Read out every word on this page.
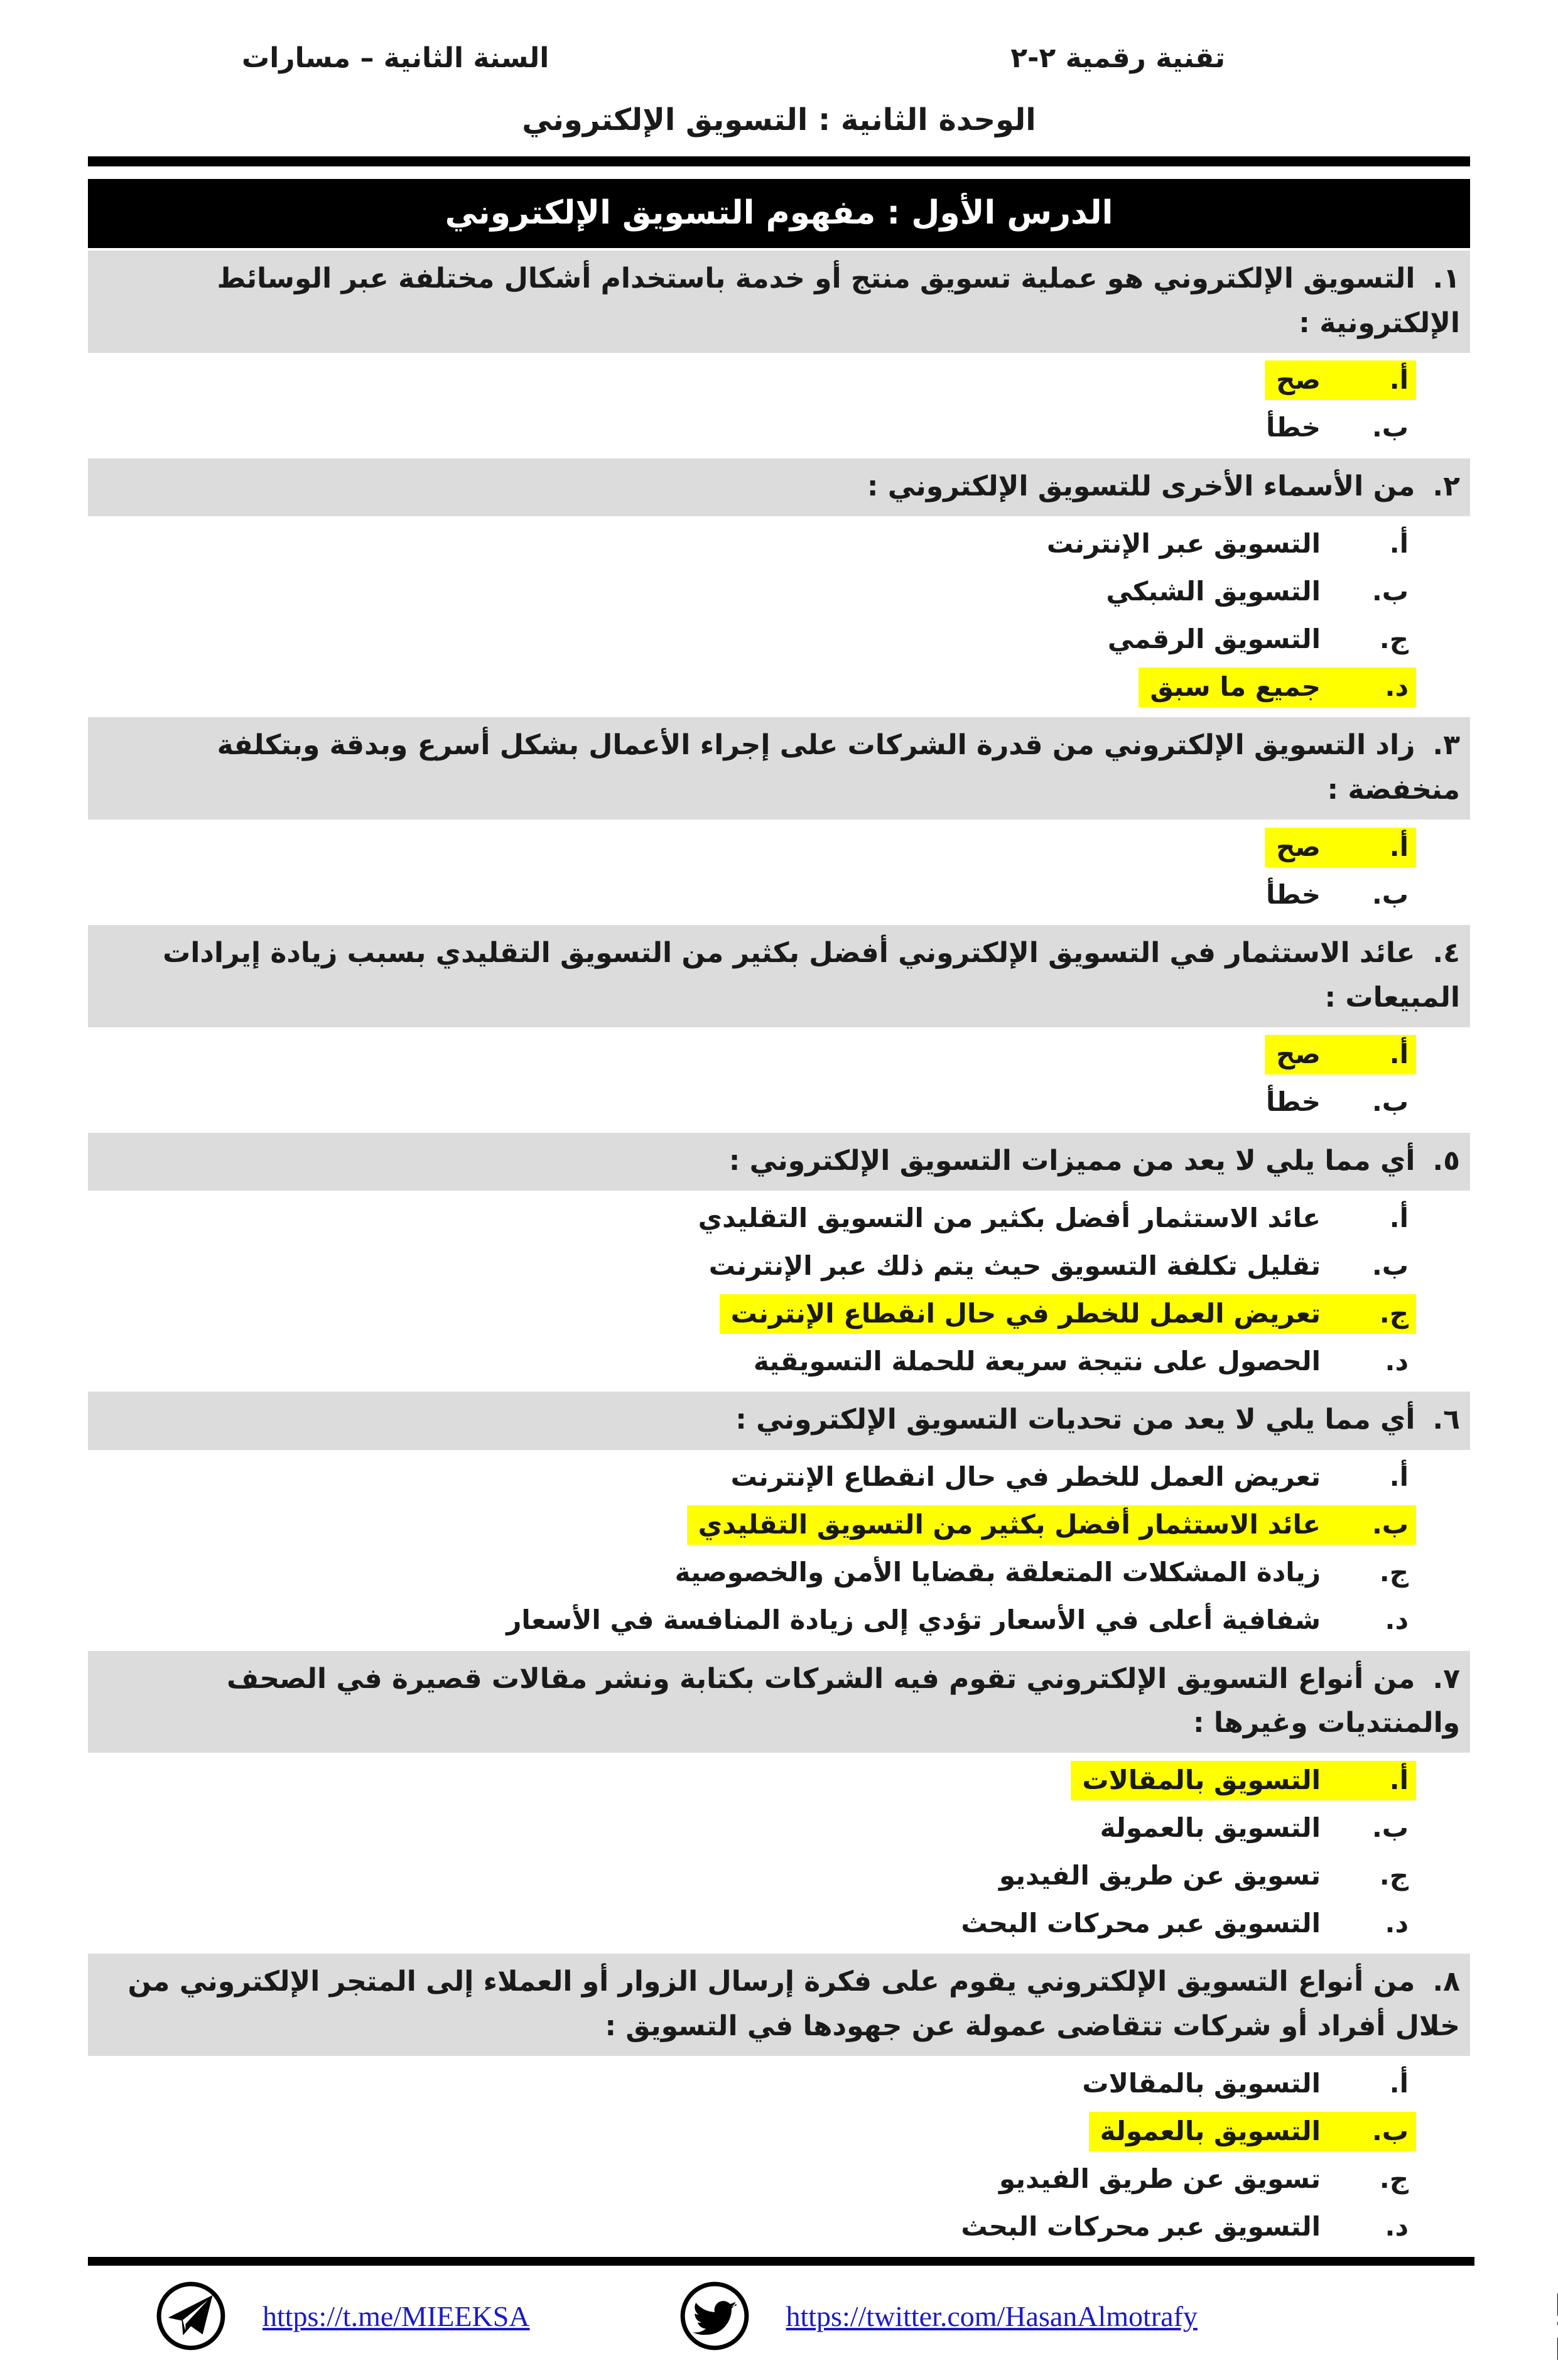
تقنية رقمية ٢-٢
السنة الثانية – مسارات
الوحدة الثانية : التسويق الإلكتروني
الدرس الأول : مفهوم التسويق الإلكتروني
١.التسويق الإلكتروني هو عملية تسويق منتج أو خدمة باستخدام أشكال مختلفة عبر الوسائط الإلكترونية :
أ.
صح
ب.
خطأ
٢.من الأسماء الأخرى للتسويق الإلكتروني :
أ.
التسويق عبر الإنترنت
ب.
التسويق الشبكي
ج.
التسويق الرقمي
د.
جميع ما سبق
٣.زاد التسويق الإلكتروني من قدرة الشركات على إجراء الأعمال بشكل أسرع وبدقة وبتكلفة منخفضة :
أ.
صح
ب.
خطأ
٤.عائد الاستثمار في التسويق الإلكتروني أفضل بكثير من التسويق التقليدي بسبب زيادة إيرادات المبيعات :
أ.
صح
ب.
خطأ
٥.أي مما يلي لا يعد من مميزات التسويق الإلكتروني :
أ.
عائد الاستثمار أفضل بكثير من التسويق التقليدي
ب.
تقليل تكلفة التسويق حيث يتم ذلك عبر الإنترنت
ج.
تعريض العمل للخطر في حال انقطاع الإنترنت
د.
الحصول على نتيجة سريعة للحملة التسويقية
٦.أي مما يلي لا يعد من تحديات التسويق الإلكتروني :
أ.
تعريض العمل للخطر في حال انقطاع الإنترنت
ب.
عائد الاستثمار أفضل بكثير من التسويق التقليدي
ج.
زيادة المشكلات المتعلقة بقضايا الأمن والخصوصية
د.
شفافية أعلى في الأسعار تؤدي إلى زيادة المنافسة في الأسعار
٧.من أنواع التسويق الإلكتروني تقوم فيه الشركات بكتابة ونشر مقالات قصيرة في الصحف والمنتديات وغيرها :
أ.
التسويق بالمقالات
ب.
التسويق بالعمولة
ج.
تسويق عن طريق الفيديو
د.
التسويق عبر محركات البحث
٨.من أنواع التسويق الإلكتروني يقوم على فكرة إرسال الزوار أو العملاء إلى المتجر الإلكتروني من خلال أفراد أو شركات تتقاضى عمولة عن جهودها في التسويق :
أ.
التسويق بالمقالات
ب.
التسويق بالعمولة
ج.
تسويق عن طريق الفيديو
د.
التسويق عبر محركات البحث
https://t.me/MIEEKSA	https://twitter.com/HasanAlmotrafy
